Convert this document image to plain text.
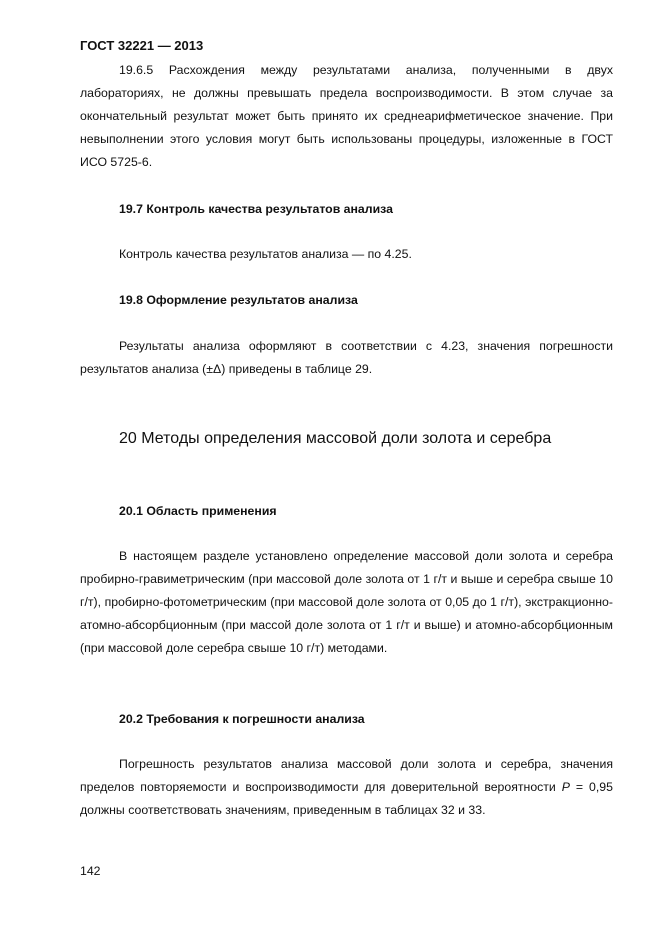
ГОСТ 32221 — 2013

19.6.5 Расхождения между результатами анализа, полученными в двух лабораториях, не должны превышать предела воспроизводимости. В этом случае за окончательный результат может быть принято их среднеарифметическое значение. При невыполнении этого условия могут быть использованы процедуры, изложенные в ГОСТ ИСО 5725-6.

19.7 Контроль качества результатов анализа

Контроль качества результатов анализа — по 4.25.

19.8 Оформление результатов анализа

Результаты анализа оформляют в соответствии с 4.23, значения погрешности результатов анализа (±Δ) приведены в таблице 29.

20 Методы определения массовой доли золота и серебра
20.1 Область применения

В настоящем разделе установлено определение массовой доли золота и серебра пробирно-гравиметрическим (при массовой доле золота от 1 г/т и выше и серебра свыше 10 г/т), пробирно-фотометрическим (при массовой доле золота от 0,05 до 1 г/т), экстракционно-атомно-абсорбционным (при массой доле золота от 1 г/т и выше) и атомно-абсорбционным (при массовой доле серебра свыше 10 г/т) методами.

20.2 Требования к погрешности анализа

Погрешность результатов анализа массовой доли золота и серебра, значения пределов повторяемости и воспроизводимости для доверительной вероятности P = 0,95 должны соответствовать значениям, приведенным в таблицах 32 и 33.

142
